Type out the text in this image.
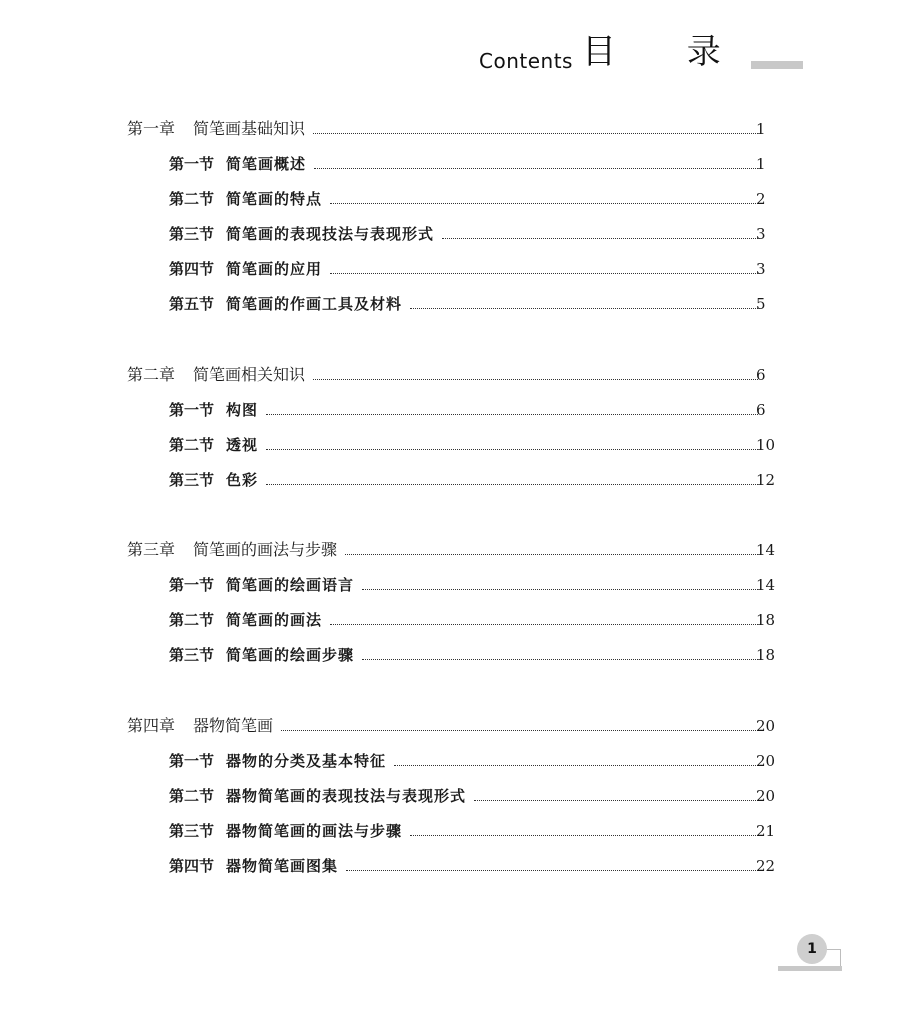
Contents 目 录
第一章 简笔画基础知识	1
第一节 简笔画概述	1
第二节 简笔画的特点	2
第三节 简笔画的表现技法与表现形式	3
第四节 简笔画的应用	3
第五节 简笔画的作画工具及材料	5
第二章 简笔画相关知识	6
第一节 构图	6
第二节 透视	10
第三节 色彩	12
第三章 简笔画的画法与步骤	14
第一节 简笔画的绘画语言	14
第二节 简笔画的画法	18
第三节 简笔画的绘画步骤	18
第四章 器物简笔画	20
第一节 器物的分类及基本特征	20
第二节 器物简笔画的表现技法与表现形式	20
第三节 器物简笔画的画法与步骤	21
第四节 器物简笔画图集	22
1
